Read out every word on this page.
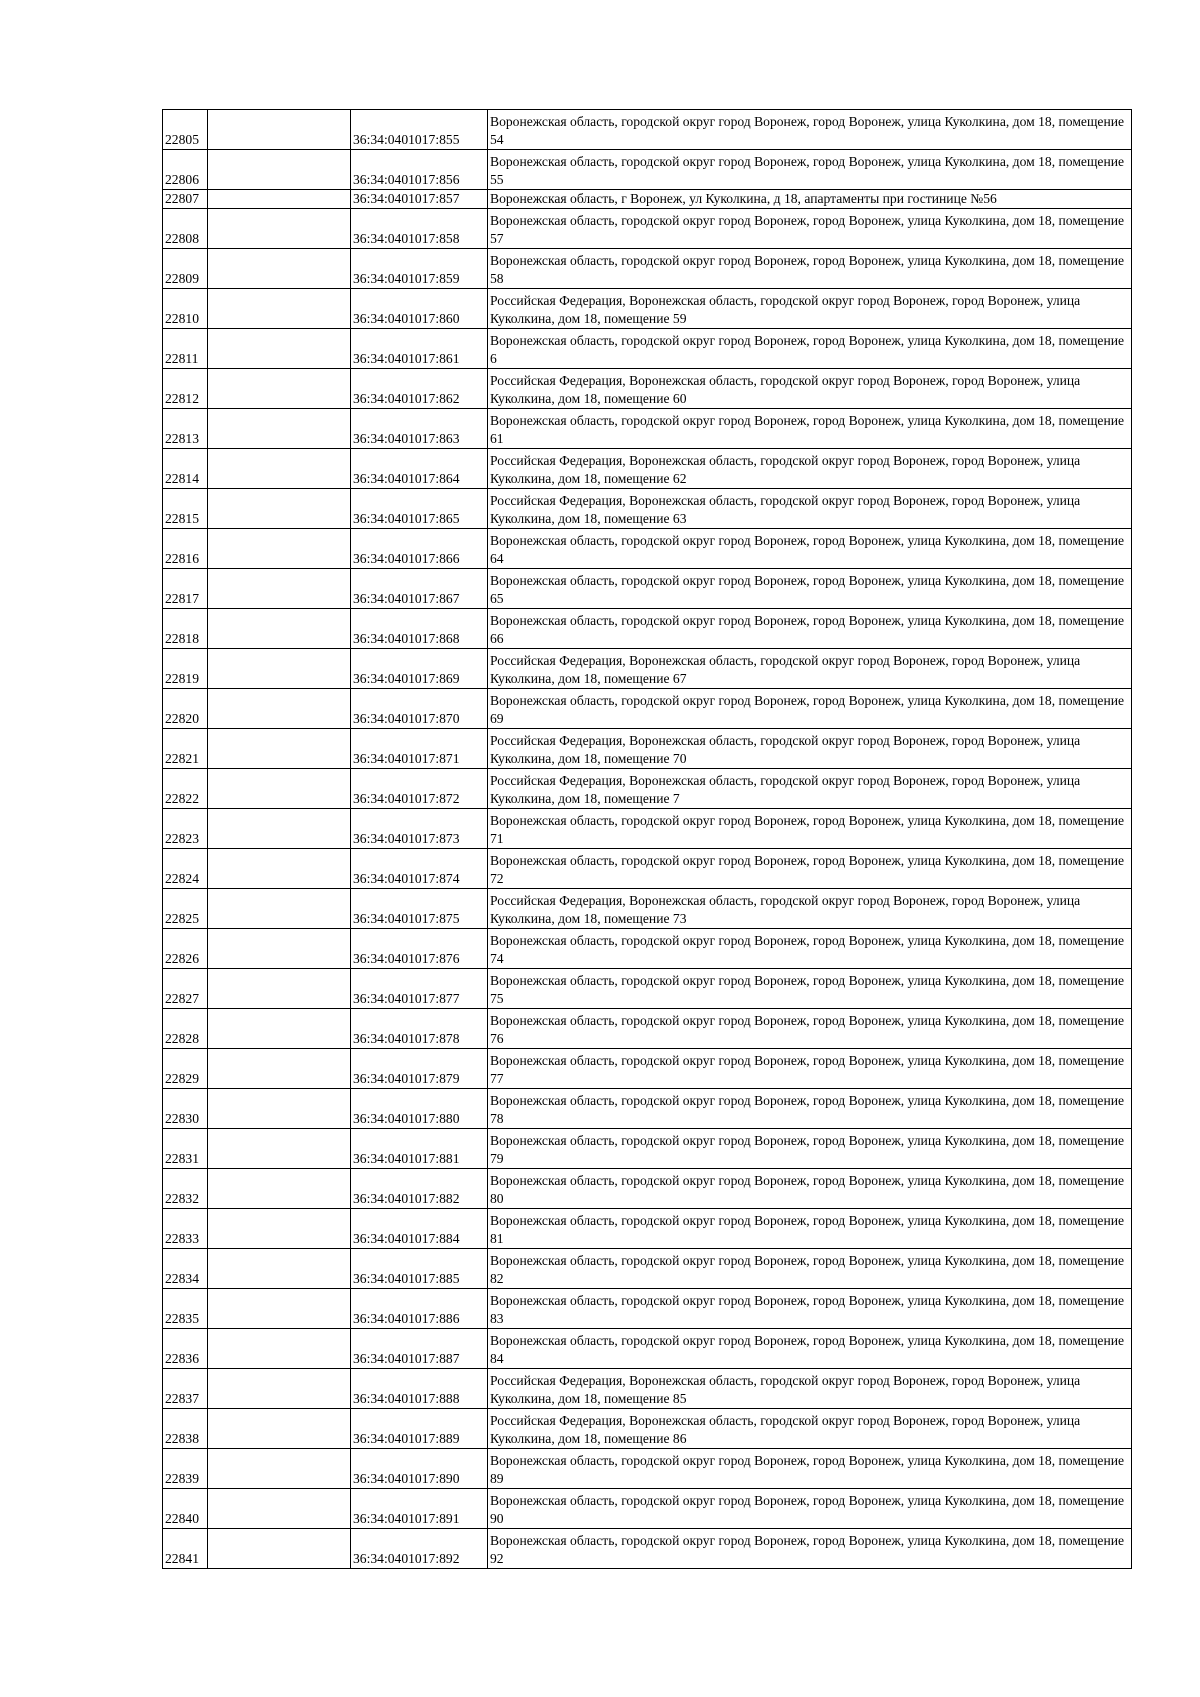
22805		36:34:0401017:855	Воронежская область, городской округ город Воронеж, город Воронеж, улица Куколкина, дом 18, помещение 54
22806		36:34:0401017:856	Воронежская область, городской округ город Воронеж, город Воронеж, улица Куколкина, дом 18, помещение 55
22807		36:34:0401017:857	Воронежская область, г Воронеж, ул Куколкина, д 18, апартаменты при гостинице №56
22808		36:34:0401017:858	Воронежская область, городской округ город Воронеж, город Воронеж, улица Куколкина, дом 18, помещение 57
22809		36:34:0401017:859	Воронежская область, городской округ город Воронеж, город Воронеж, улица Куколкина, дом 18, помещение 58
22810		36:34:0401017:860	Российская Федерация, Воронежская область, городской округ город Воронеж, город Воронеж, улица Куколкина, дом 18, помещение 59
22811		36:34:0401017:861	Воронежская область, городской округ город Воронеж, город Воронеж, улица Куколкина, дом 18, помещение 6
22812		36:34:0401017:862	Российская Федерация, Воронежская область, городской округ город Воронеж, город Воронеж, улица Куколкина, дом 18, помещение 60
22813		36:34:0401017:863	Воронежская область, городской округ город Воронеж, город Воронеж, улица Куколкина, дом 18, помещение 61
22814		36:34:0401017:864	Российская Федерация, Воронежская область, городской округ город Воронеж, город Воронеж, улица Куколкина, дом 18, помещение 62
22815		36:34:0401017:865	Российская Федерация, Воронежская область, городской округ город Воронеж, город Воронеж, улица Куколкина, дом 18, помещение 63
22816		36:34:0401017:866	Воронежская область, городской округ город Воронеж, город Воронеж, улица Куколкина, дом 18, помещение 64
22817		36:34:0401017:867	Воронежская область, городской округ город Воронеж, город Воронеж, улица Куколкина, дом 18, помещение 65
22818		36:34:0401017:868	Воронежская область, городской округ город Воронеж, город Воронеж, улица Куколкина, дом 18, помещение 66
22819		36:34:0401017:869	Российская Федерация, Воронежская область, городской округ город Воронеж, город Воронеж, улица Куколкина, дом 18, помещение 67
22820		36:34:0401017:870	Воронежская область, городской округ город Воронеж, город Воронеж, улица Куколкина, дом 18, помещение 69
22821		36:34:0401017:871	Российская Федерация, Воронежская область, городской округ город Воронеж, город Воронеж, улица Куколкина, дом 18, помещение 70
22822		36:34:0401017:872	Российская Федерация, Воронежская область, городской округ город Воронеж, город Воронеж, улица Куколкина, дом 18, помещение 7
22823		36:34:0401017:873	Воронежская область, городской округ город Воронеж, город Воронеж, улица Куколкина, дом 18, помещение 71
22824		36:34:0401017:874	Воронежская область, городской округ город Воронеж, город Воронеж, улица Куколкина, дом 18, помещение 72
22825		36:34:0401017:875	Российская Федерация, Воронежская область, городской округ город Воронеж, город Воронеж, улица Куколкина, дом 18, помещение 73
22826		36:34:0401017:876	Воронежская область, городской округ город Воронеж, город Воронеж, улица Куколкина, дом 18, помещение 74
22827		36:34:0401017:877	Воронежская область, городской округ город Воронеж, город Воронеж, улица Куколкина, дом 18, помещение 75
22828		36:34:0401017:878	Воронежская область, городской округ город Воронеж, город Воронеж, улица Куколкина, дом 18, помещение 76
22829		36:34:0401017:879	Воронежская область, городской округ город Воронеж, город Воронеж, улица Куколкина, дом 18, помещение 77
22830		36:34:0401017:880	Воронежская область, городской округ город Воронеж, город Воронеж, улица Куколкина, дом 18, помещение 78
22831		36:34:0401017:881	Воронежская область, городской округ город Воронеж, город Воронеж, улица Куколкина, дом 18, помещение 79
22832		36:34:0401017:882	Воронежская область, городской округ город Воронеж, город Воронеж, улица Куколкина, дом 18, помещение 80
22833		36:34:0401017:884	Воронежская область, городской округ город Воронеж, город Воронеж, улица Куколкина, дом 18, помещение 81
22834		36:34:0401017:885	Воронежская область, городской округ город Воронеж, город Воронеж, улица Куколкина, дом 18, помещение 82
22835		36:34:0401017:886	Воронежская область, городской округ город Воронеж, город Воронеж, улица Куколкина, дом 18, помещение 83
22836		36:34:0401017:887	Воронежская область, городской округ город Воронеж, город Воронеж, улица Куколкина, дом 18, помещение 84
22837		36:34:0401017:888	Российская Федерация, Воронежская область, городской округ город Воронеж, город Воронеж, улица Куколкина, дом 18, помещение 85
22838		36:34:0401017:889	Российская Федерация, Воронежская область, городской округ город Воронеж, город Воронеж, улица Куколкина, дом 18, помещение 86
22839		36:34:0401017:890	Воронежская область, городской округ город Воронеж, город Воронеж, улица Куколкина, дом 18, помещение 89
22840		36:34:0401017:891	Воронежская область, городской округ город Воронеж, город Воронеж, улица Куколкина, дом 18, помещение 90
22841		36:34:0401017:892	Воронежская область, городской округ город Воронеж, город Воронеж, улица Куколкина, дом 18, помещение 92
